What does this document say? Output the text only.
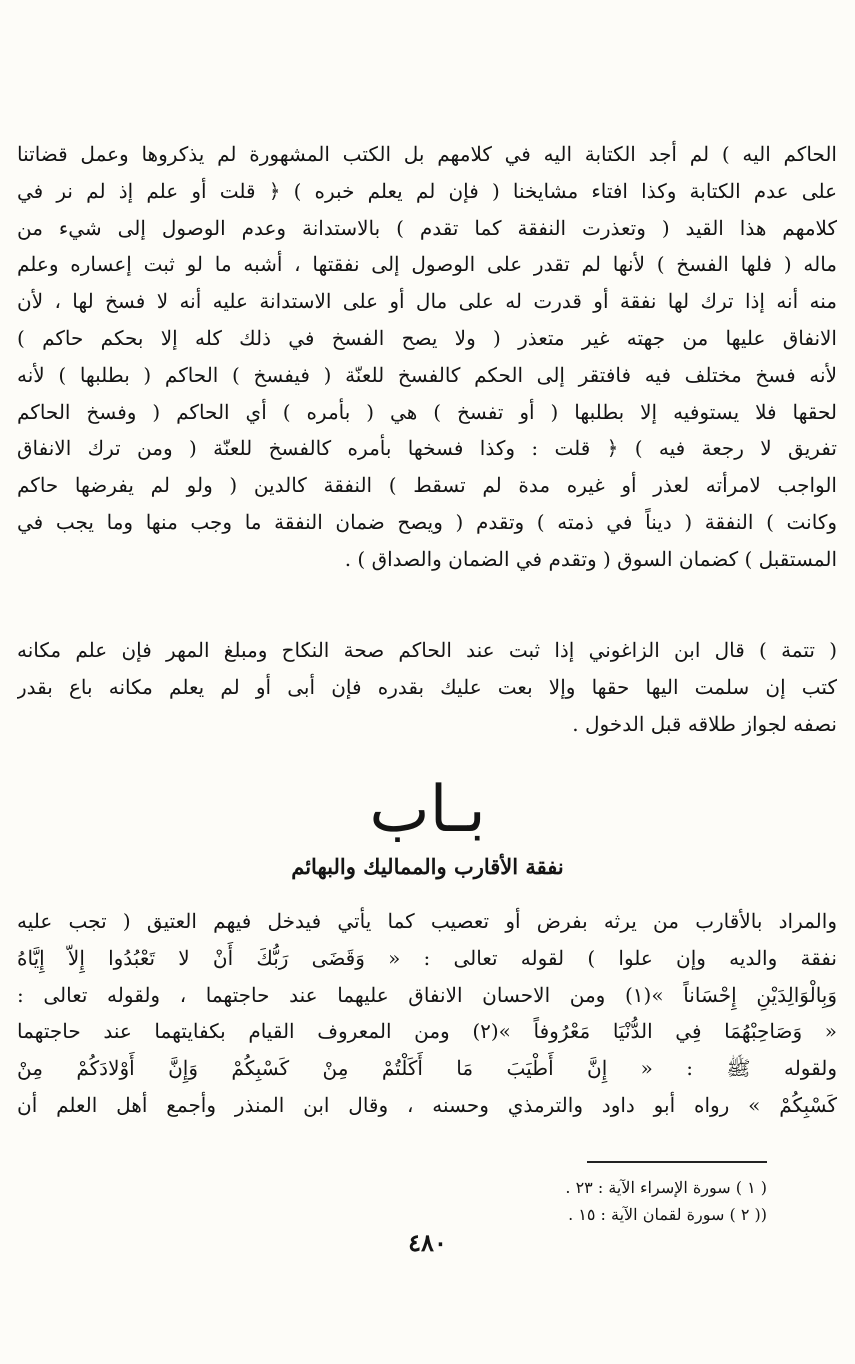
الحاكم اليه ) لم أجد الكتابة اليه في كلامهم بل الكتب المشهورة لم يذكروها وعمل قضاتنا
على عدم الكتابة وكذا افتاء مشايخنا ( فإن لم يعلم خبره ) ﴿ قلت أو علم إذ لم نر في
كلامهم هذا القيد ( وتعذرت النفقة كما تقدم ) بالاستدانة وعدم الوصول إلى شيء من
ماله ( فلها الفسخ ) لأنها لم تقدر على الوصول إلى نفقتها ، أشبه ما لو ثبت إعساره وعلم
منه أنه إذا ترك لها نفقة أو قدرت له على مال أو على الاستدانة عليه أنه لا فسخ لها ، لأن
الانفاق عليها من جهته غير متعذر ( ولا يصح الفسخ في ذلك كله إلا بحكم حاكم )
لأنه فسخ مختلف فيه فافتقر إلى الحكم كالفسخ للعنّة ( فيفسخ ) الحاكم ( بطلبها ) لأنه
لحقها فلا يستوفيه إلا بطلبها ( أو تفسخ ) هي ( بأمره ) أي الحاكم ( وفسخ الحاكم
تفريق لا رجعة فيه ) ﴿ قلت : وكذا فسخها بأمره كالفسخ للعنّة ( ومن ترك الانفاق
الواجب لامرأته لعذر أو غيره مدة لم تسقط ) النفقة كالدين ( ولو لم يفرضها حاكم
وكانت ) النفقة ( ديناً في ذمته ) وتقدم ( ويصح ضمان النفقة ما وجب منها وما يجب في
المستقبل ) كضمان السوق ( وتقدم في الضمان والصداق ) .
( تتمة ) قال ابن الزاغوني إذا ثبت عند الحاكم صحة النكاح ومبلغ المهر فإن علم مكانه
كتب إن سلمت اليها حقها وإلا بعت عليك بقدره فإن أبى أو لم يعلم مكانه باع بقدر
نصفه لجواز طلاقه قبل الدخول .
بـاب
نفقة الأقارب والمماليك والبهائم
والمراد بالأقارب من يرثه بفرض أو تعصيب كما يأتي فيدخل فيهم العتيق ( تجب عليه
نفقة والديه وإن علوا ) لقوله تعالى : « وَقَضَى رَبُّكَ أَنْ لا تَعْبُدُوا إِلاّ إِيَّاهُ
وَبِالْوَالِدَيْنِ إِحْسَاناً »(١) ومن الاحسان الانفاق عليهما عند حاجتهما ، ولقوله تعالى :
« وَصَاحِبْهُمَا فِي الدُّنْيَا مَعْرُوفاً »(٢) ومن المعروف القيام بكفايتهما عند حاجتهما
ولقوله ﷺ : « إِنَّ أَطْيَبَ مَا أَكَلْتُمْ مِنْ كَسْبِكُمْ وَإِنَّ أَوْلادَكُمْ مِنْ
كَسْبِكُمْ » رواه أبو داود والترمذي وحسنه ، وقال ابن المنذر وأجمع أهل العلم أن
( ١ ) سورة الإسراء الآية : ٢٣ .
(( ٢ ) سورة لقمان الآية : ١٥ .
٤٨٠
